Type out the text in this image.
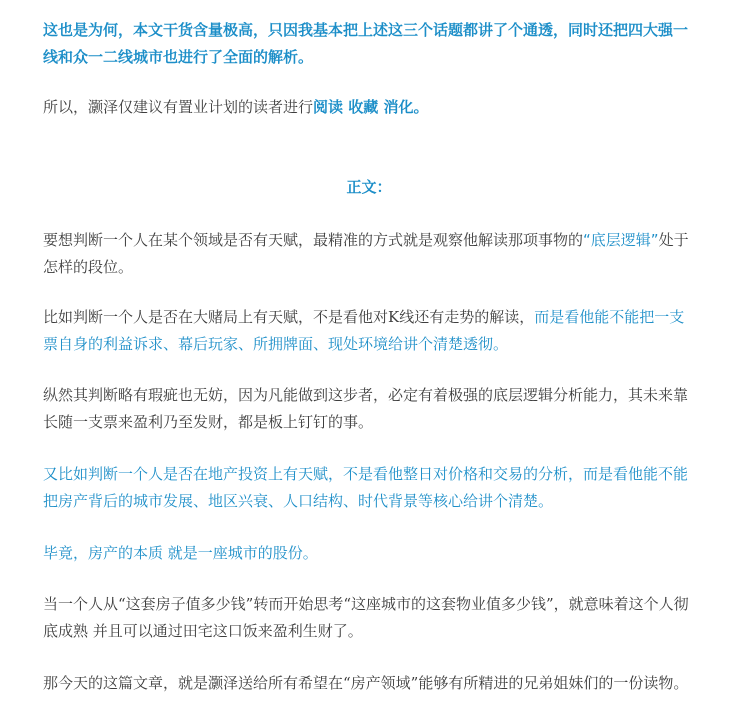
这也是为何，本文干货含量极高，只因我基本把上述这三个话题都讲了个通透，同时还把四大强一线和众一二线城市也进行了全面的解析。

所以，灏泽仅建议有置业计划的读者进行阅读 收藏 消化。

正文：

要想判断一个人在某个领域是否有天赋，最精准的方式就是观察他解读那项事物的“底层逻辑”处于怎样的段位。

比如判断一个人是否在大赌局上有天赋，不是看他对K线还有走势的解读，而是看他能不能把一支票自身的利益诉求、幕后玩家、所拥牌面、现处环境给讲个清楚透彻。

纵然其判断略有瑕疵也无妨，因为凡能做到这步者，必定有着极强的底层逻辑分析能力，其未来靠长随一支票来盈利乃至发财，都是板上钉钉的事。

又比如判断一个人是否在地产投资上有天赋，不是看他整日对价格和交易的分析，而是看他能不能把房产背后的城市发展、地区兴衰、人口结构、时代背景等核心给讲个清楚。

毕竟，房产的本质 就是一座城市的股份。

当一个人从“这套房子值多少钱”转而开始思考“这座城市的这套物业值多少钱”，就意味着这个人彻底成熟 并且可以通过田宅这口饭来盈利生财了。

那今天的这篇文章，就是灏泽送给所有希望在“房产领域”能够有所精进的兄弟姐妹们的一份读物。
